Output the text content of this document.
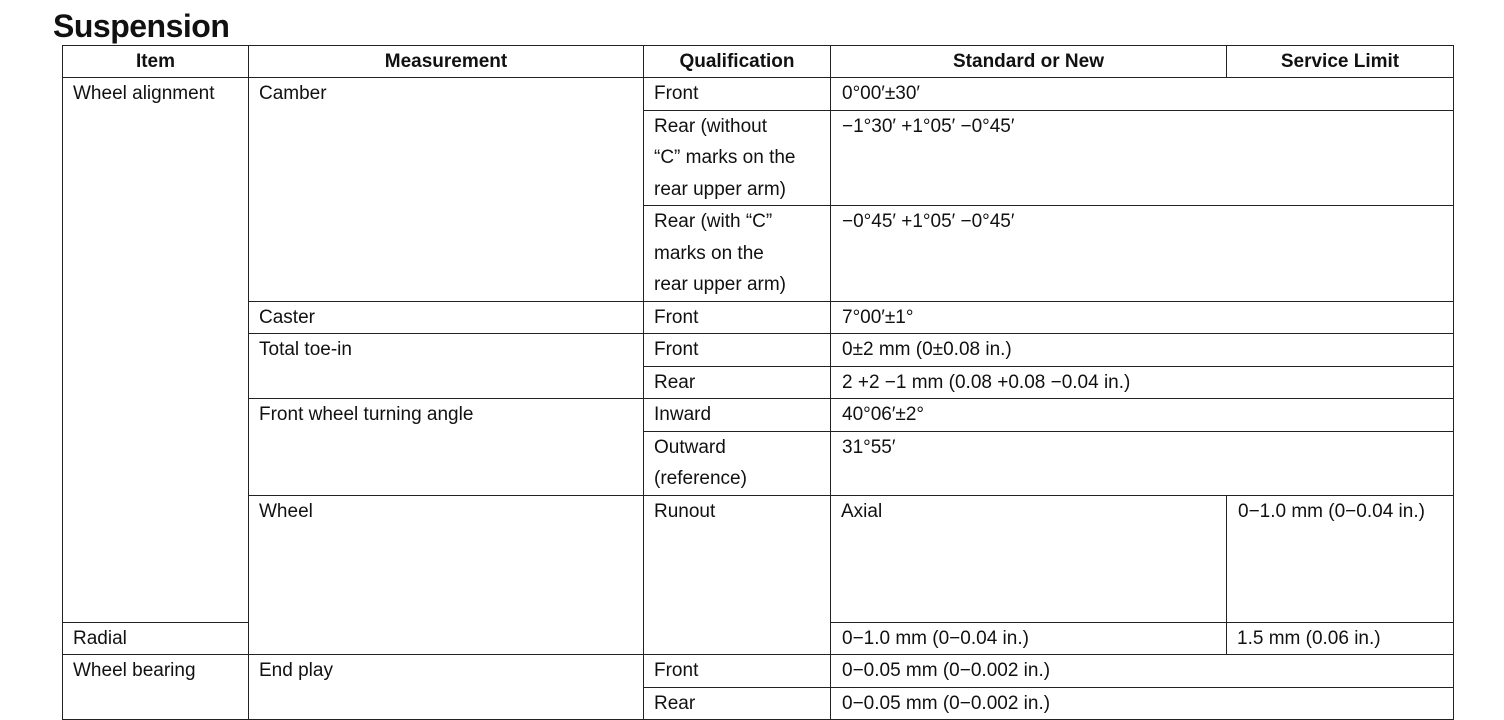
Suspension
Item	Measurement	Qualification	Standard or New	Service Limit	
Wheel alignment	Camber	Front	0°00′±30′		
		Rear (without
“C” marks on the
rear upper arm)	−1°30′ +1°05′ −0°45′		
		Rear (with “C”
marks on the
rear upper arm)	−0°45′ +1°05′ −0°45′		
	Caster	Front	7°00′±1°		
	Total toe-in	Front	0±2 mm (0±0.08 in.)		
		Rear	2 +2 −1 mm (0.08 +0.08 −0.04 in.)		
	Front wheel turning angle	Inward	40°06′±2°		
		Outward
(reference)	31°55′		
	Wheel	Runout	Axial	0−1.0 mm (0−0.04 in.)	
Radial			0−1.0 mm (0−0.04 in.)	1.5 mm (0.06 in.)	
Wheel bearing	End play	Front	0−0.05 mm (0−0.002 in.)		
		Rear	0−0.05 mm (0−0.002 in.)		
